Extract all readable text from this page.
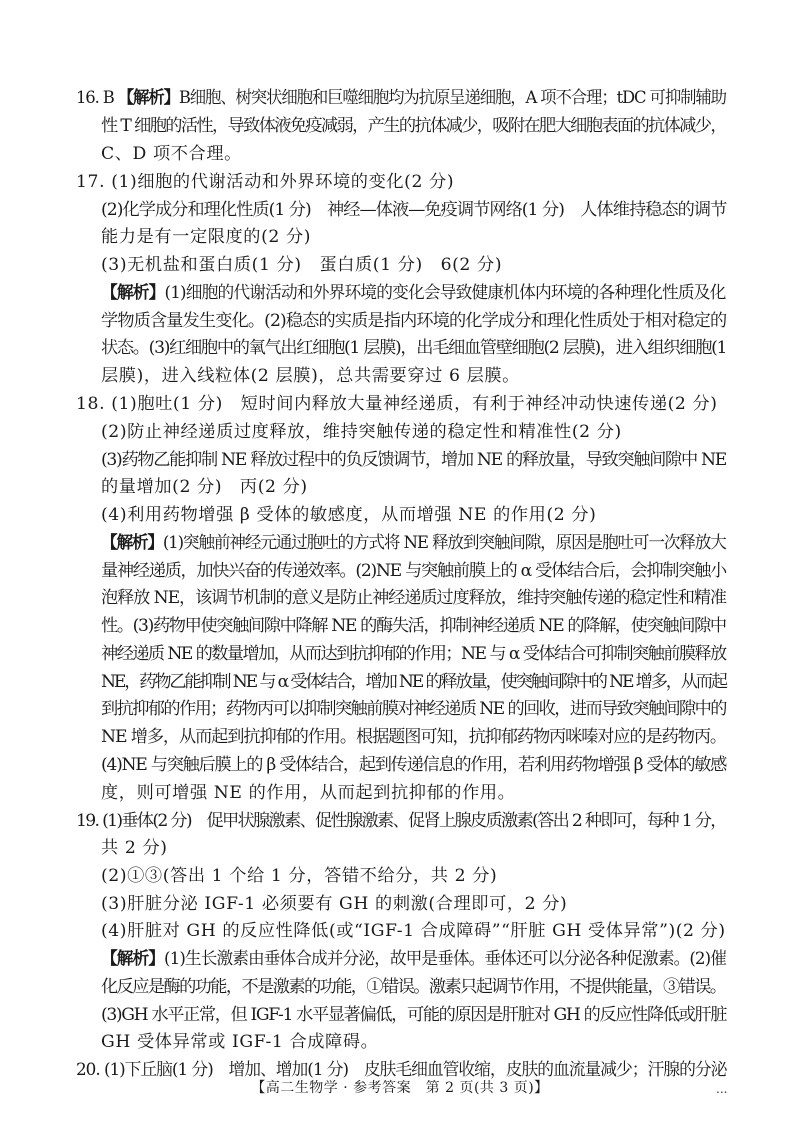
16. B 【解析】B细胞、树突状细胞和巨噬细胞均为抗原呈递细胞，A 项不合理；tDC 可抑制辅助
性 T 细胞的活性，导致体液免疫减弱，产生的抗体减少，吸附在肥大细胞表面的抗体减少，
C、D 项不合理。
17. (1)细胞的代谢活动和外界环境的变化(2 分)
(2)化学成分和理化性质(1 分)　神经—体液—免疫调节网络(1 分)　人体维持稳态的调节
能力是有一定限度的(2 分)
(3)无机盐和蛋白质(1 分)　蛋白质(1 分)　6(2 分)
【解析】(1)细胞的代谢活动和外界环境的变化会导致健康机体内环境的各种理化性质及化
学物质含量发生变化。(2)稳态的实质是指内环境的化学成分和理化性质处于相对稳定的
状态。(3)红细胞中的氧气出红细胞(1 层膜)，出毛细血管壁细胞(2 层膜)，进入组织细胞(1
层膜)，进入线粒体(2 层膜)，总共需要穿过 6 层膜。
18. (1)胞吐(1 分)　短时间内释放大量神经递质，有利于神经冲动快速传递(2 分)
(2)防止神经递质过度释放，维持突触传递的稳定性和精准性(2 分)
(3)药物乙能抑制 NE 释放过程中的负反馈调节，增加 NE 的释放量，导致突触间隙中 NE
的量增加(2 分)　丙(2 分)
(4)利用药物增强 β 受体的敏感度，从而增强 NE 的作用(2 分)
【解析】(1)突触前神经元通过胞吐的方式将 NE 释放到突触间隙，原因是胞吐可一次释放大
量神经递质，加快兴奋的传递效率。(2)NE 与突触前膜上的 α 受体结合后，会抑制突触小
泡释放 NE，该调节机制的意义是防止神经递质过度释放，维持突触传递的稳定性和精准
性。(3)药物甲使突触间隙中降解 NE 的酶失活，抑制神经递质 NE 的降解，使突触间隙中
神经递质 NE 的数量增加，从而达到抗抑郁的作用；NE 与 α 受体结合可抑制突触前膜释放
NE，药物乙能抑制 NE 与 α 受体结合，增加 NE 的释放量，使突触间隙中的 NE 增多，从而起
到抗抑郁的作用；药物丙可以抑制突触前膜对神经递质 NE 的回收，进而导致突触间隙中的
NE 增多，从而起到抗抑郁的作用。根据题图可知，抗抑郁药物丙咪嗪对应的是药物丙。
(4)NE 与突触后膜上的 β 受体结合，起到传递信息的作用，若利用药物增强 β 受体的敏感
度，则可增强 NE 的作用，从而起到抗抑郁的作用。
19. (1)垂体(2 分)　促甲状腺激素、促性腺激素、促肾上腺皮质激素(答出 2 种即可，每种 1 分，
共 2 分)
(2)①③(答出 1 个给 1 分，答错不给分，共 2 分)
(3)肝脏分泌 IGF-1 必须要有 GH 的刺激(合理即可，2 分)
(4)肝脏对 GH 的反应性降低(或“IGF-1 合成障碍”“肝脏 GH 受体异常”)(2 分)
【解析】(1)生长激素由垂体合成并分泌，故甲是垂体。垂体还可以分泌各种促激素。(2)催
化反应是酶的功能，不是激素的功能，①错误。激素只起调节作用，不提供能量，③错误。
(3)GH 水平正常，但 IGF-1 水平显著偏低，可能的原因是肝脏对 GH 的反应性降低或肝脏
GH 受体异常或 IGF-1 合成障碍。
20. (1)下丘脑(1 分)　增加、增加(1 分)　皮肤毛细血管收缩，皮肤的血流量减少；汗腺的分泌
【高二生物学 · 参考答案　第 2 页(共 3 页)】	...
